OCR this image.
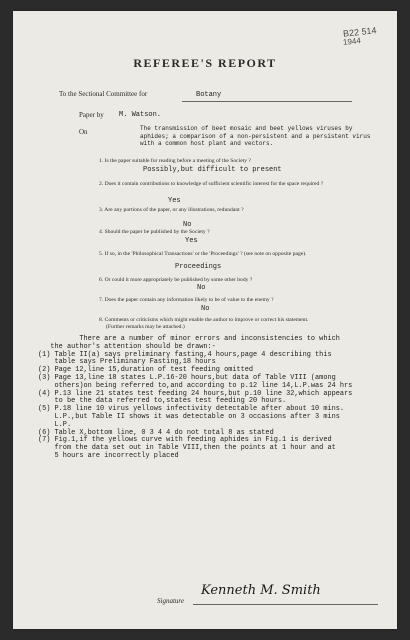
B22 514
1944
REFEREE'S REPORT
To the Sectional Committee for	Botany
Paper by M. Watson.
On	The transmission of beet mosaic and beet yellows viruses by aphides; a comparison of a non-persistent and a persistent virus with a common host plant and vectors.
1. Is the paper suitable for reading before a meeting of the Society ?
Possibly,but difficult to present
2. Does it contain contributions to knowledge of sufficient scientific interest for the space required ?
Yes
3. Are any portions of the paper, or any illustrations, redundant ?
No
4. Should the paper be published by the Society ?
Yes
5. If so, in the 'Philosophical Transactions' or the 'Proceedings' ? (see note on opposite page).
Proceedings
6. Or could it more appropriately be published by some other body ?
No
7. Does the paper contain any information likely to be of value to the enemy ?
No
8. Comments or criticisms which might enable the author to improve or correct his statement.
(Further remarks may be attached.)
There are a number of minor errors and inconsistencies to which
the author's attention should be drawn:-
(1) Table II(a) says preliminary fasting,4 hours,page 4 describing this
table says Preliminary Fasting,18 hours
(2) Page 12,line 15,duration of test feeding omitted
(3) Page 13,line 18 states L.P.16-20 hours,but data of Table VIII (among
others)on being referred to,and according to p.12 line 14,L.P.was 24 hrs
(4) P.13 line 21 states test feeding 24 hours,but p.10 line 32,which appears
to be the data referred to,states test feeding 20 hours.
(5) P.18 line 10 virus yellows infectivity detectable after about 10 mins.
L.P.,but Table II shows it was detectable on 3 occasions after 3 mins
L.P.
(6) Table X,bottom line, 0 3 4 4 do not total 8 as stated
(7) Fig.1,if the yellows curve with feeding aphides in Fig.1 is derived
from the data set out in Table VIII,then the points at 1 hour and at
5 hours are incorrectly placed
Signature
Kenneth M. Smith
